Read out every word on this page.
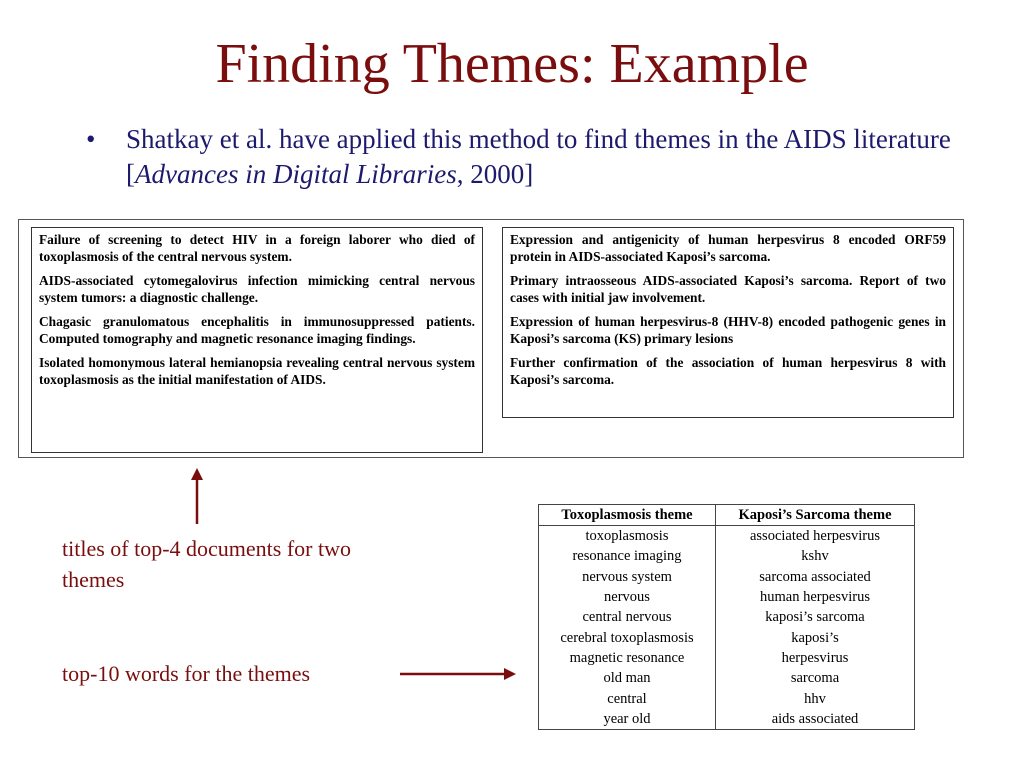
Finding Themes: Example
• Shatkay et al. have applied this method to find themes in the AIDS literature [Advances in Digital Libraries, 2000]

Failure of screening to detect HIV in a foreign laborer who died of toxoplasmosis of the central nervous system.

AIDS-associated cytomegalovirus infection mimicking central nervous system tumors: a diagnostic challenge.

Chagasic granulomatous encephalitis in immunosuppressed patients. Computed tomography and magnetic resonance imaging findings.

Isolated homonymous lateral hemianopsia revealing central nervous system toxoplasmosis as the initial manifestation of AIDS.

Expression and antigenicity of human herpesvirus 8 encoded ORF59 protein in AIDS-associated Kaposi’s sarcoma.

Primary intraosseous AIDS-associated Kaposi’s sarcoma. Report of two cases with initial jaw involvement.

Expression of human herpesvirus-8 (HHV-8) encoded pathogenic genes in Kaposi’s sarcoma (KS) primary lesions

Further confirmation of the association of human herpesvirus 8 with Kaposi’s sarcoma.

titles of top-4 documents for two themes
top-10 words for the themes
Toxoplasmosis theme	Kaposi’s Sarcoma theme
toxoplasmosis	associated herpesvirus
resonance imaging	kshv
nervous system	sarcoma associated
nervous	human herpesvirus
central nervous	kaposi’s sarcoma
cerebral toxoplasmosis	kaposi’s
magnetic resonance	herpesvirus
old man	sarcoma
central	hhv
year old	aids associated
